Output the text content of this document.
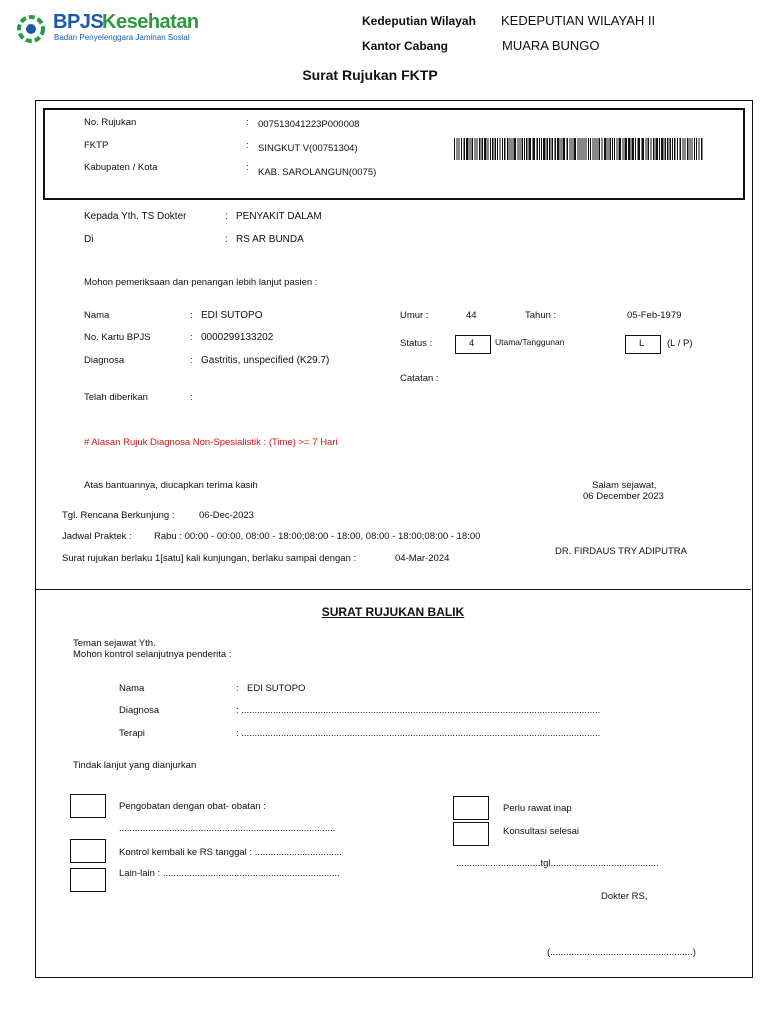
BPJS
Kesehatan
Badan Penyelenggara Jaminan Sosial
Kedeputian Wilayah KEDEPUTIAN WILAYAH II
Kantor Cabang	MUARA BUNGO
Surat Rujukan FKTP
No. Rujukan	: 007513041223P000008
FKTP	: SINGKUT V(00751304)
Kabupaten / Kota	: KAB. SAROLANGUN(0075)
Kepada Yth. TS Dokter	: PENYAKIT DALAM
Di	: RS AR BUNDA
Mohon pemeriksaan dan penangan lebih lanjut pasien :
Nama	: EDI SUTOPO
No. Kartu BPJS	: 0000299133202
Diagnosa	: Gastritis, unspecified (K29.7)
Telah diberikan	:
Umur :	44	Tahun :	05-Feb-1979
Status :	4 Utama/Tanggunan	L (L / P)
Catatan :
# Alasan Rujuk Diagnosa Non-Spesialistik : (Time) >= 7 Hari
Atas bantuannya, diucapkan terima kasih	Salam sejawat,
06 December 2023
Tgl. Rencana Berkunjung :	06-Dec-2023
Jadwal Praktek : Rabu : 00:00 - 00:00, 08:00 - 18:00;08:00 - 18:00, 08:00 - 18:00;08:00 - 18:00
Surat rujukan berlaku 1[satu] kali kunjungan, berlaku sampai dengan :	04-Mar-2024
DR. FIRDAUS TRY ADIPUTRA
SURAT RUJUKAN BALIK
Teman sejawat Yth.
Mohon kontrol selanjutnya penderita :
Nama	: EDI SUTOPO
Diagnosa	: ........................................................................................................................................
Terapi	: ........................................................................................................................................
Tindak lanjut yang dianjurkan
Pengobatan dengan obat- obatan :
..................................................................................
Kontrol kembali ke RS tanggal : .................................
Lain-lain : ...................................................................
Perlu rawat inap
Konsultasi selesai
................................tgl.........................................
Dokter RS,
(......................................................)
